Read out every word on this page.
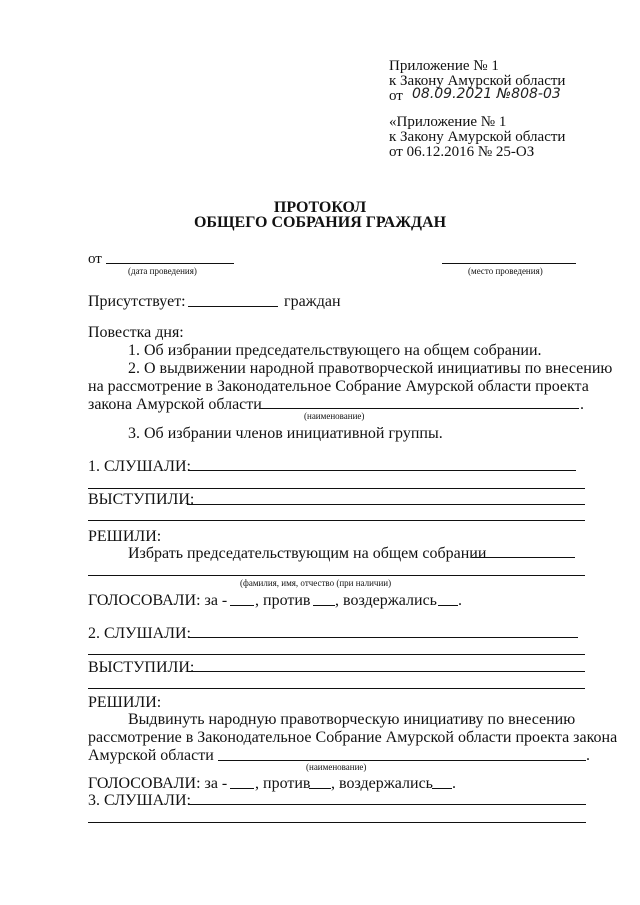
Приложение № 1
к Закону Амурской области
от 08.09.2021 №808-03
«Приложение № 1
к Закону Амурской области
от 06.12.2016 № 25-ОЗ
ПРОТОКОЛ
ОБЩЕГО СОБРАНИЯ ГРАЖДАН
от
(дата проведения)	(место проведения)
Присутствует:	граждан
Повестка дня:
1. Об избрании председательствующего на общем собрании.
2. О выдвижении народной правотворческой инициативы по внесению
на рассмотрение в Законодательное Собрание Амурской области проекта
закона Амурской области	.
(наименование)
3. Об избрании членов инициативной группы.
1. СЛУШАЛИ:
ВЫСТУПИЛИ:
РЕШИЛИ:
Избрать председательствующим на общем собрании
(фамилия, имя, отчество (при наличии)
ГОЛОСОВАЛИ: за - , против , воздержались .
2. СЛУШАЛИ:
ВЫСТУПИЛИ:
РЕШИЛИ:
Выдвинуть народную правотворческую инициативу по внесению
рассмотрение в Законодательное Собрание Амурской области проекта закона
Амурской области	.
(наименование)
ГОЛОСОВАЛИ: за - , против , воздержались .
3. СЛУШАЛИ:
